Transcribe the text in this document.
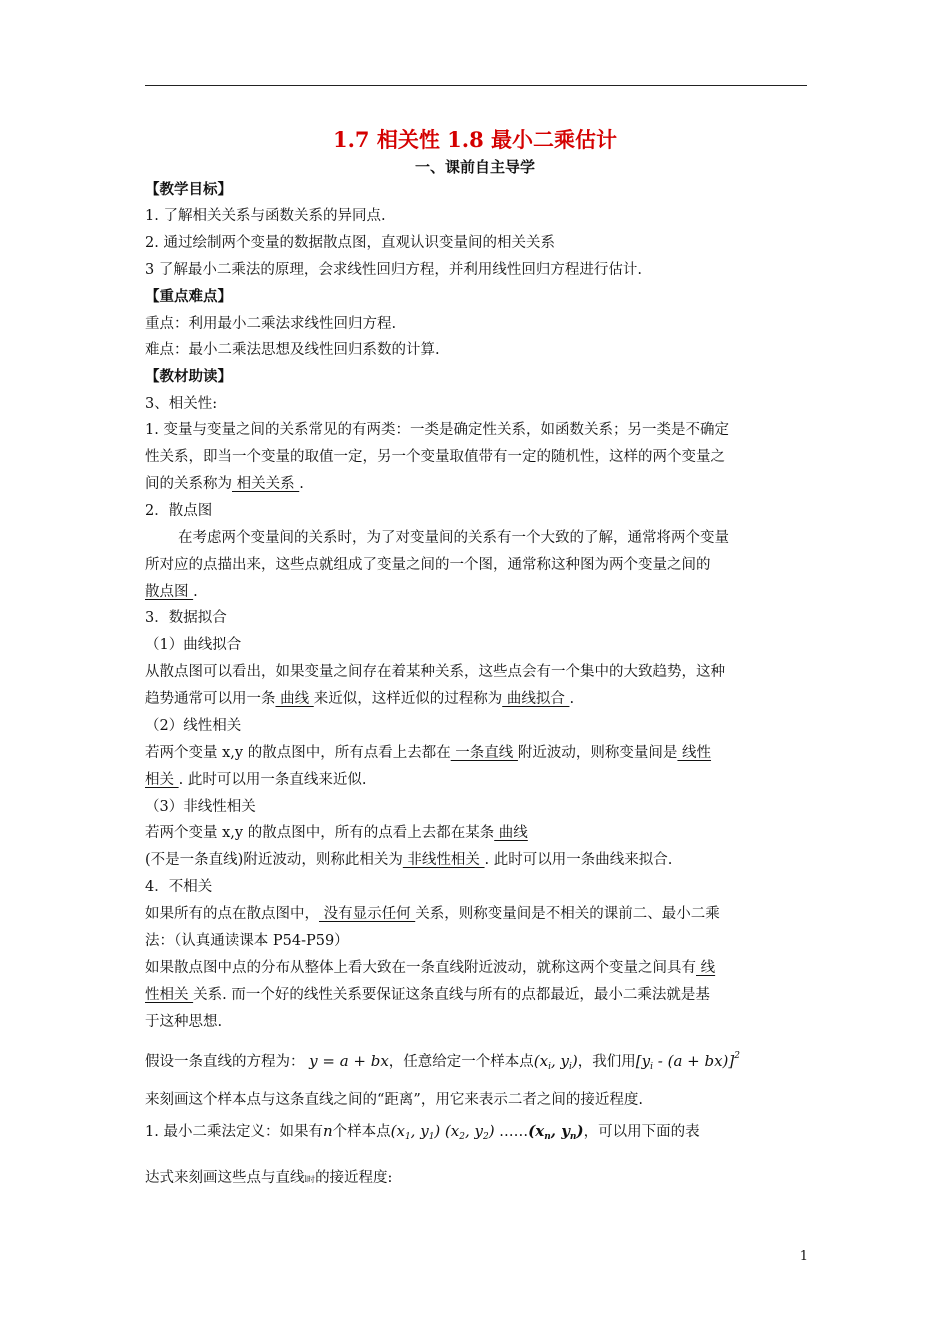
1.7 相关性 1.8 最小二乘估计
一、课前自主导学
【教学目标】
1. 了解相关关系与函数关系的异同点.
2. 通过绘制两个变量的数据散点图，直观认识变量间的相关关系
3 了解最小二乘法的原理，会求线性回归方程，并利用线性回归方程进行估计.
【重点难点】
重点：利用最小二乘法求线性回归方程.
难点：最小二乘法思想及线性回归系数的计算.
【教材助读】
3、相关性:
1. 变量与变量之间的关系常见的有两类：一类是确定性关系，如函数关系；另一类是不确定
性关系，即当一个变量的取值一定，另一个变量取值带有一定的随机性，这样的两个变量之
间的关系称为 相关关系 .
2．散点图
在考虑两个变量间的关系时，为了对变量间的关系有一个大致的了解，通常将两个变量
所对应的点描出来，这些点就组成了变量之间的一个图，通常称这种图为两个变量之间的
散点图 .
3．数据拟合
（1）曲线拟合
从散点图可以看出，如果变量之间存在着某种关系，这些点会有一个集中的大致趋势，这种
趋势通常可以用一条 曲线 来近似，这样近似的过程称为 曲线拟合 .
（2）线性相关
若两个变量 x,y 的散点图中，所有点看上去都在 一条直线 附近波动，则称变量间是 线性
相关 . 此时可以用一条直线来近似.
（3）非线性相关
若两个变量 x,y 的散点图中，所有的点看上去都在某条 曲线
(不是一条直线)附近波动，则称此相关为 非线性相关 . 此时可以用一条曲线来拟合.
4．不相关
如果所有的点在散点图中， 没有显示任何 关系，则称变量间是不相关的课前二、最小二乘
法：（认真通读课本 P54-P59）
如果散点图中点的分布从整体上看大致在一条直线附近波动，就称这两个变量之间具有 线
性相关 关系. 而一个好的线性关系要保证这条直线与所有的点都最近，最小二乘法就是基
于这种思想.
假设一条直线的方程为： y = a + bx，任意给定一个样本点($x_i$, $y_i$)，我们用$[y_i - (a + bx)]^2$
来刻画这个样本点与这条直线之间的“距离”，用它来表示二者之间的接近程度.
1. 最小二乘法定义：如果有n个样本点($x_1$, $y_1$) ($x_2$, $y_2$) $\dots\dots(x_n$, $y_n$)，可以用下面的表
达式来刻画这些点与直线l时的接近程度:
1
